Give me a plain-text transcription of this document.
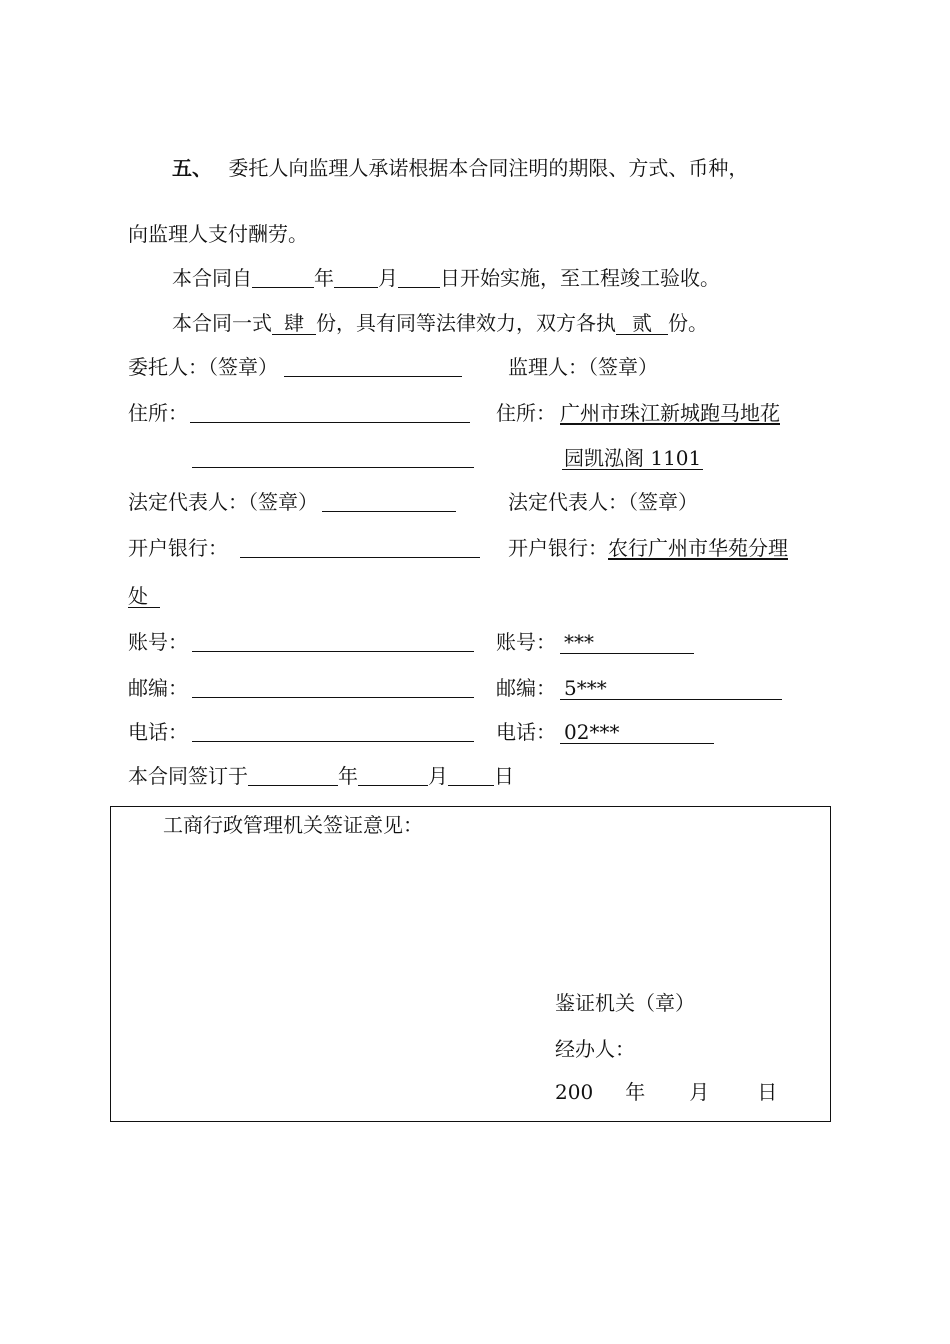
五、 委托人向监理人承诺根据本合同注明的期限、方式、币种，
向监理人支付酬劳。
本合同自	年 月 日开始实施，至工程竣工验收。
本合同一式 肆 份，具有同等法律效力，双方各执 贰 份。
委托人：（签章）	监理人：（签章）
住所：	住所： 广州市珠江新城跑马地花
园凯泓阁 1101
法定代表人：（签章）	法定代表人：（签章）
开户银行：	开户银行：农行广州市华苑分理
处
账号：	账号： ***
邮编：	邮编： 5***
电话：	电话： 02***
本合同签订于	年	月 日
工商行政管理机关签证意见：
鉴证机关（章）
经办人：
200 年 月 日
